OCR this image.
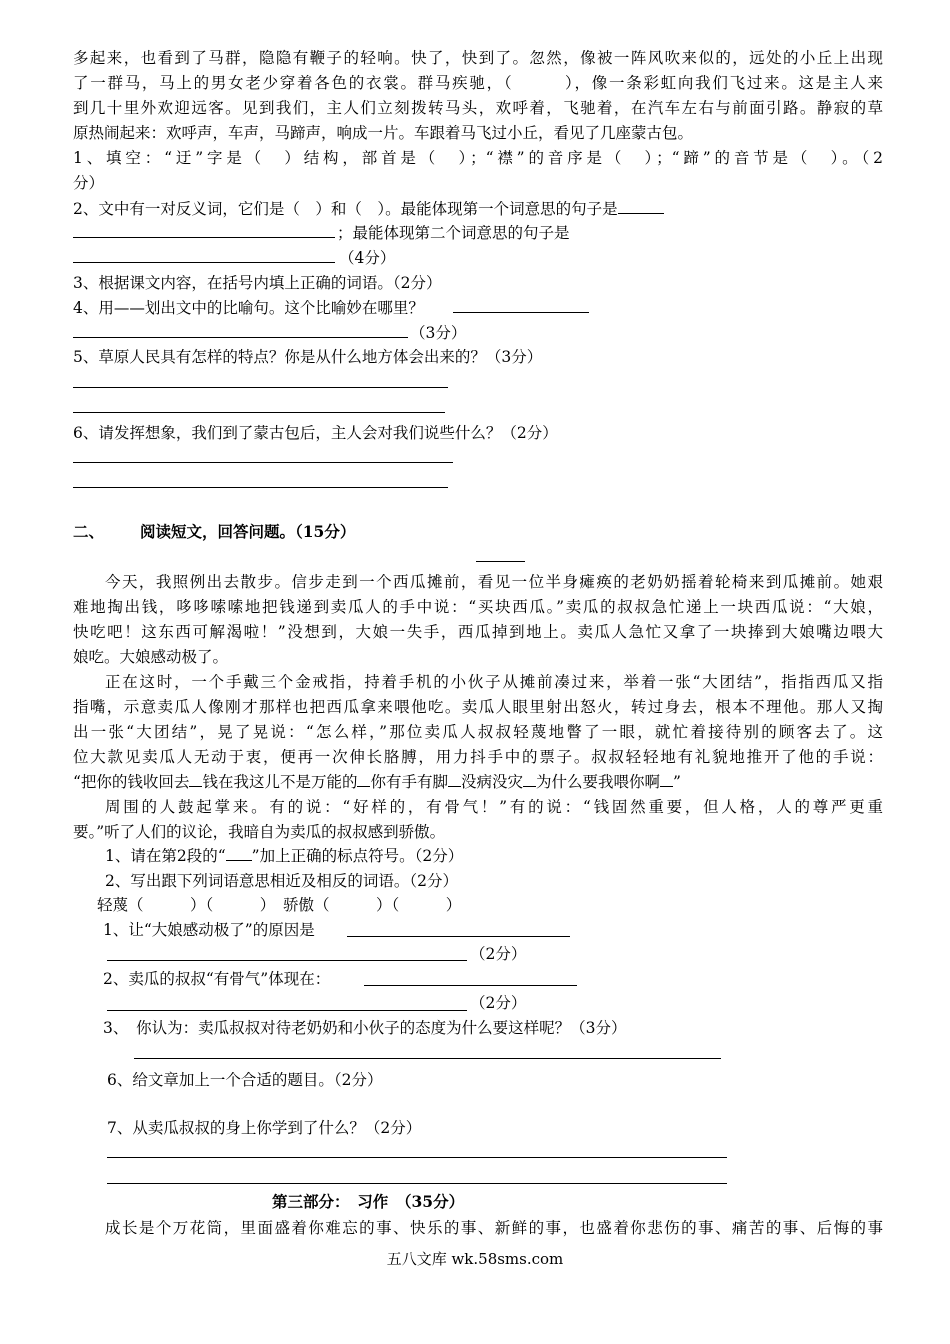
多起来，也看到了马群，隐隐有鞭子的轻响。快了，快到了。忽然，像被一阵风吹来似的，远处的小丘上出现
了一群马，马上的男女老少穿着各色的衣裳。群马疾驰，（　　　），像一条彩虹向我们飞过来。这是主人来
到几十里外欢迎远客。见到我们，主人们立刻拨转马头，欢呼着，飞驰着，在汽车左右与前面引路。静寂的草
原热闹起来：欢呼声，车声，马蹄声，响成一片。车跟着马飞过小丘，看见了几座蒙古包。
1、填空：“迂”字是（　）结构，部首是（　）；“襟”的音序是（　）；“蹄”的音节是（　）。（2
分）
2、文中有一对反义词，它们是（　）和（　）。最能体现第一个词意思的句子是
；最能体现第二个词意思的句子是
（4分）
3、根据课文内容，在括号内填上正确的词语。（2分）
4、用——划出文中的比喻句。这个比喻妙在哪里？
（3分）
5、草原人民具有怎样的特点？你是从什么地方体会出来的？（3分）
6、请发挥想象，我们到了蒙古包后，主人会对我们说些什么？（2分）
二、 阅读短文，回答问题。（15分）
今天，我照例出去散步。信步走到一个西瓜摊前，看见一位半身瘫痪的老奶奶摇着轮椅来到瓜摊前。她艰
难地掏出钱，哆哆嗦嗦地把钱递到卖瓜人的手中说：“买块西瓜。”卖瓜的叔叔急忙递上一块西瓜说：“大娘，
快吃吧！这东西可解渴啦！”没想到，大娘一失手，西瓜掉到地上。卖瓜人急忙又拿了一块捧到大娘嘴边喂大
娘吃。大娘感动极了。
正在这时，一个手戴三个金戒指，持着手机的小伙子从摊前凑过来，举着一张“大团结”，指指西瓜又指
指嘴，示意卖瓜人像刚才那样也把西瓜拿来喂他吃。卖瓜人眼里射出怒火，转过身去，根本不理他。那人又掏
出一张“大团结”，晃了晃说：“怎么样，”那位卖瓜人叔叔轻蔑地瞥了一眼，就忙着接待别的顾客去了。这
位大款见卖瓜人无动于衷，便再一次伸长胳膊，用力抖手中的票子。叔叔轻轻地有礼貌地推开了他的手说：
“把你的钱收回去 钱在我这儿不是万能的 你有手有脚 没病没灾 为什么要我喂你啊 ”
周围的人鼓起掌来。有的说：“好样的，有骨气！”有的说：“钱固然重要，但人格，人的尊严更重
要。”听了人们的议论，我暗自为卖瓜的叔叔感到骄傲。
1、请在第2段的“ ”加上正确的标点符号。（2分）
2、写出跟下列词语意思相近及相反的词语。（2分）
轻蔑（　　　）（　　　）　骄傲（　　　）（　　　）
1、让“大娘感动极了”的原因是
（2分）
2、卖瓜的叔叔“有骨气”体现在：
（2分）
3、　你认为：卖瓜叔叔对待老奶奶和小伙子的态度为什么要这样呢？（3分）
6、给文章加上一个合适的题目。（2分）
7、从卖瓜叔叔的身上你学到了什么？（2分）
第三部分：　习作　（35分）
成长是个万花筒，里面盛着你难忘的事、快乐的事、新鲜的事，也盛着你悲伤的事、痛苦的事、后悔的事
五八文库 wk.58sms.com
